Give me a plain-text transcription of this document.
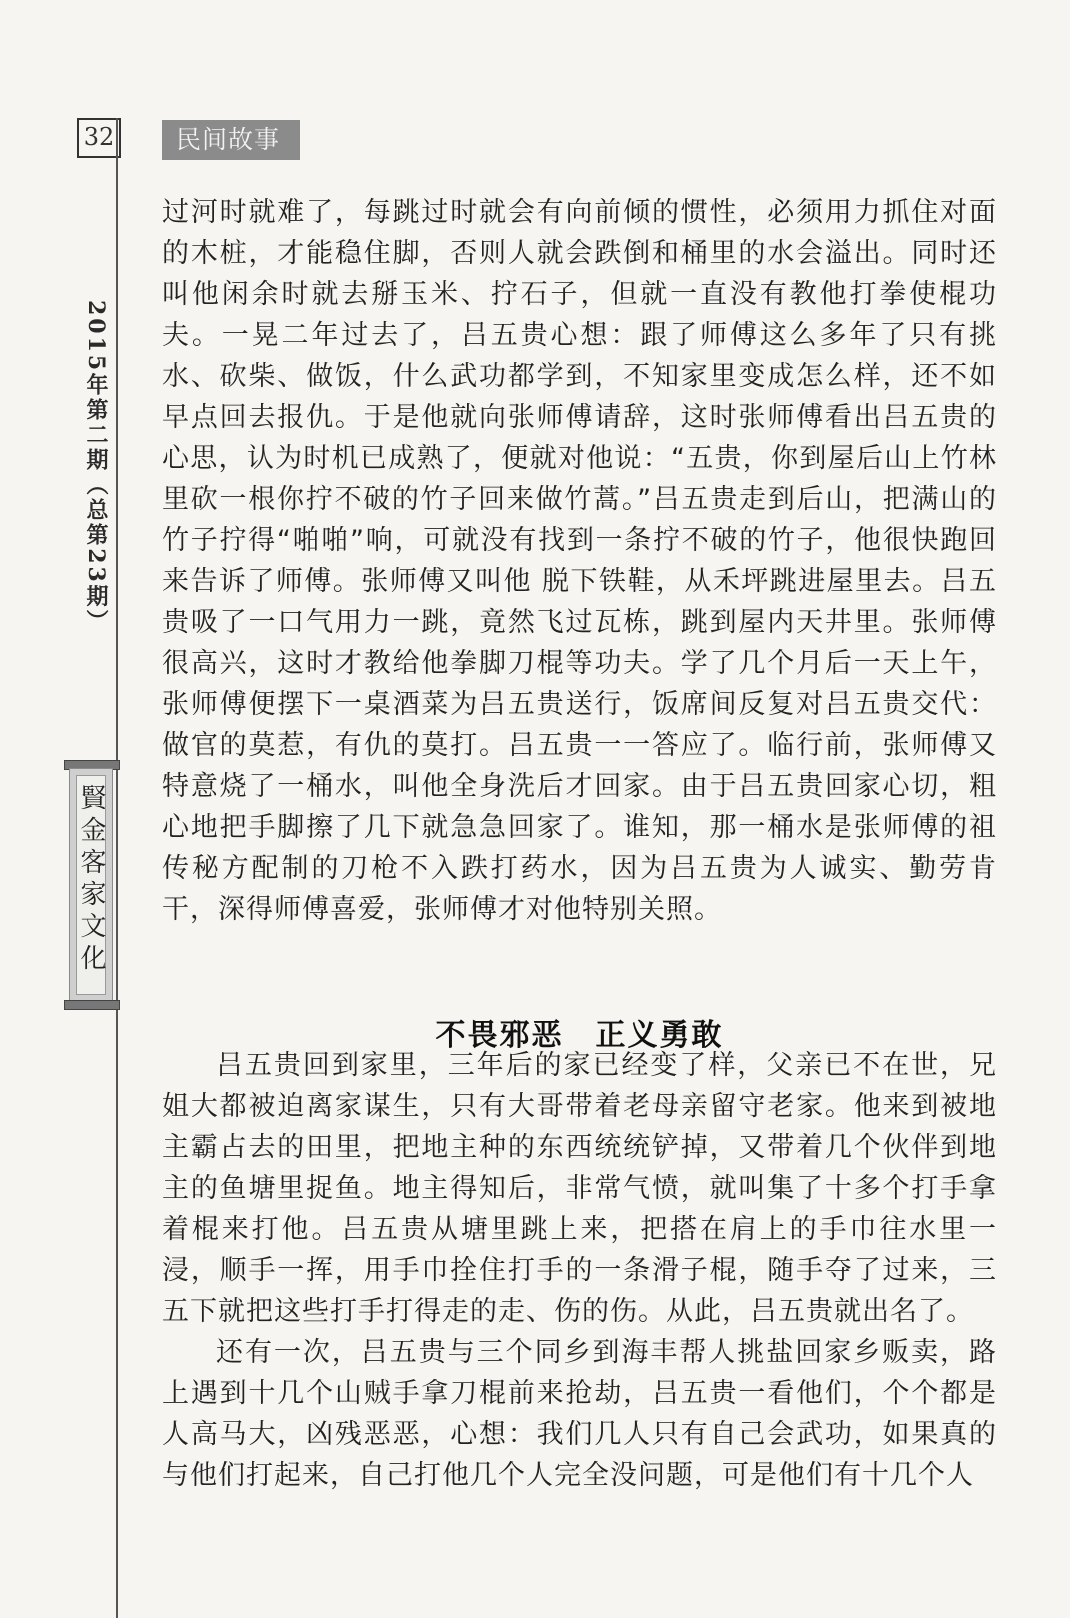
32	民间故事
2015年第二期（总第23期）
賢金客家文化

过河时就难了，每跳过时就会有向前倾的惯性，必须用力抓住对面的木桩，才能稳住脚，否则人就会跌倒和桶里的水会溢出。同时还叫他闲余时就去掰玉米、拧石子，但就一直没有教他打拳使棍功夫。一晃二年过去了，吕五贵心想：跟了师傅这么多年了只有挑水、砍柴、做饭，什么武功都学到，不知家里变成怎么样，还不如早点回去报仇。于是他就向张师傅请辞，这时张师傅看出吕五贵的心思，认为时机已成熟了，便就对他说：“五贵，你到屋后山上竹林里砍一根你拧不破的竹子回来做竹蒿。”吕五贵走到后山，把满山的竹子拧得“啪啪”响，可就没有找到一条拧不破的竹子，他很快跑回来告诉了师傅。张师傅又叫他 脱下铁鞋，从禾坪跳进屋里去。吕五贵吸了一口气用力一跳，竟然飞过瓦栋，跳到屋内天井里。张师傅很高兴，这时才教给他拳脚刀棍等功夫。学了几个月后一天上午，张师傅便摆下一桌酒菜为吕五贵送行，饭席间反复对吕五贵交代：做官的莫惹，有仇的莫打。吕五贵一一答应了。临行前，张师傅又特意烧了一桶水，叫他全身洗后才回家。由于吕五贵回家心切，粗心地把手脚擦了几下就急急回家了。谁知，那一桶水是张师傅的祖传秘方配制的刀枪不入跌打药水，因为吕五贵为人诚实、勤劳肯干，深得师傅喜爱，张师傅才对他特别关照。

不畏邪恶　正义勇敢

吕五贵回到家里，三年后的家已经变了样，父亲已不在世，兄姐大都被迫离家谋生，只有大哥带着老母亲留守老家。他来到被地主霸占去的田里，把地主种的东西统统铲掉，又带着几个伙伴到地主的鱼塘里捉鱼。地主得知后，非常气愤，就叫集了十多个打手拿着棍来打他。吕五贵从塘里跳上来，把搭在肩上的手巾往水里一浸，顺手一挥，用手巾拴住打手的一条滑子棍，随手夺了过来，三五下就把这些打手打得走的走、伤的伤。从此，吕五贵就出名了。

还有一次，吕五贵与三个同乡到海丰帮人挑盐回家乡贩卖，路上遇到十几个山贼手拿刀棍前来抢劫，吕五贵一看他们，个个都是人高马大，凶残恶恶，心想：我们几人只有自己会武功，如果真的与他们打起来，自己打他几个人完全没问题，可是他们有十几个人
